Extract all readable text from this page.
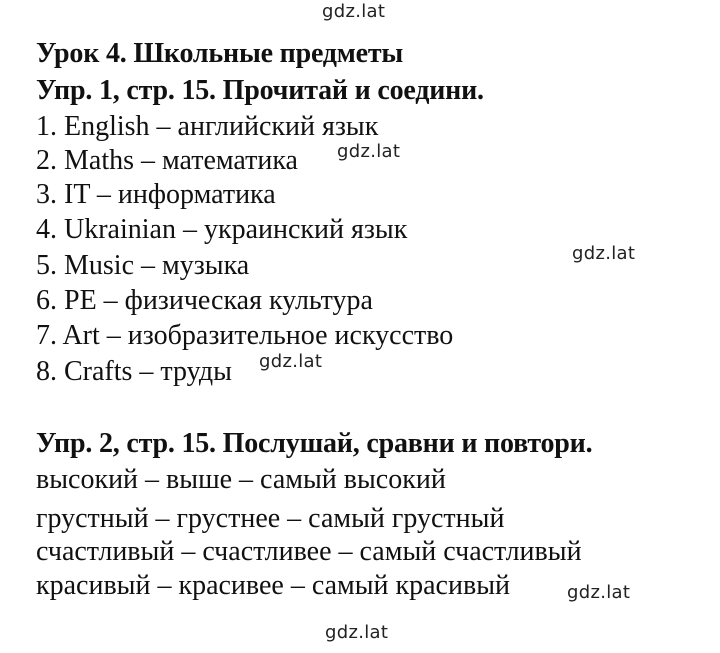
gdz.lat
Урок 4. Школьные предметы
Упр. 1, стр. 15. Прочитай и соедини.
1. English – английский язык
2. Maths – математика gdz.lat
3. IT – информатика
4. Ukrainian – украинский язык
5. Music – музыка	gdz.lat
6. PE – физическая культура
7. Art – изобразительное искусство
8. Crafts – труды gdz.lat
Упр. 2, стр. 15. Послушай, сравни и повтори.
высокий – выше – самый высокий
грустный – грустнее – самый грустный
счастливый – счастливее – самый счастливый
красивый – красивее – самый красивый	gdz.lat
gdz.lat
